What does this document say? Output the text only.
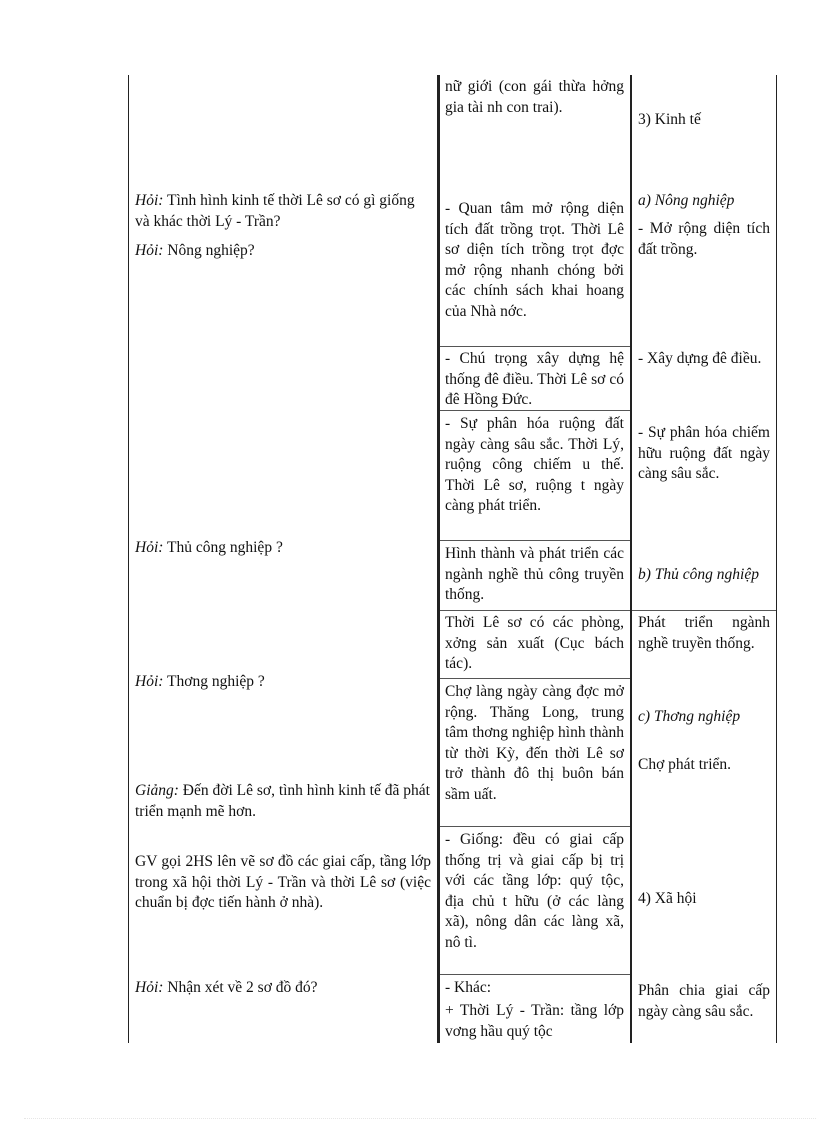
Hỏi: Tình hình kinh tế thời Lê sơ có gì giống và khác thời Lý - Trần?
Hỏi: Nông nghiệp?
Hỏi: Thủ công nghiệp ?
Hỏi: Thơng nghiệp ?
Giảng: Đến đời Lê sơ, tình hình kinh tế đã phát triển mạnh mẽ hơn.
GV gọi 2HS lên vẽ sơ đồ các giai cấp, tầng lớp trong xã hội thời Lý - Trần và thời Lê sơ (việc chuẩn bị đợc tiến hành ở nhà).
Hỏi: Nhận xét về 2 sơ đồ đó?
nữ giới (con gái thừa hởng gia tài nh con trai).
- Quan tâm mở rộng diện tích đất trồng trọt. Thời Lê sơ diện tích trồng trọt đợc mở rộng nhanh chóng bởi các chính sách khai hoang của Nhà nớc.
- Chú trọng xây dựng hệ thống đê điều. Thời Lê sơ có đê Hồng Đức.
- Sự phân hóa ruộng đất ngày càng sâu sắc. Thời Lý, ruộng công chiếm u thế. Thời Lê sơ, ruộng t ngày càng phát triển.
Hình thành và phát triển các ngành nghề thủ công truyền thống.
Thời Lê sơ có các phòng, xởng sản xuất (Cục bách tác).
Chợ làng ngày càng đợc mở rộng. Thăng Long, trung tâm thơng nghiệp hình thành từ thời Kỳ, đến thời Lê sơ trở thành đô thị buôn bán sầm uất.
- Giống: đều có giai cấp thống trị và giai cấp bị trị với các tầng lớp: quý tộc, địa chủ t hữu (ở các làng xã), nông dân các làng xã, nô tì.
- Khác:
+ Thời Lý - Trần: tầng lớp vơng hầu quý tộc
3) Kinh tế
a) Nông nghiệp
- Mở rộng diện tích đất trồng.
- Xây dựng đê điều.
- Sự phân hóa chiếm hữu ruộng đất ngày càng sâu sắc.
b) Thủ công nghiệp
Phát triển ngành nghề truyền thống.
c) Thơng nghiệp
Chợ phát triển.
4) Xã hội
Phân chia giai cấp ngày càng sâu sắc.
